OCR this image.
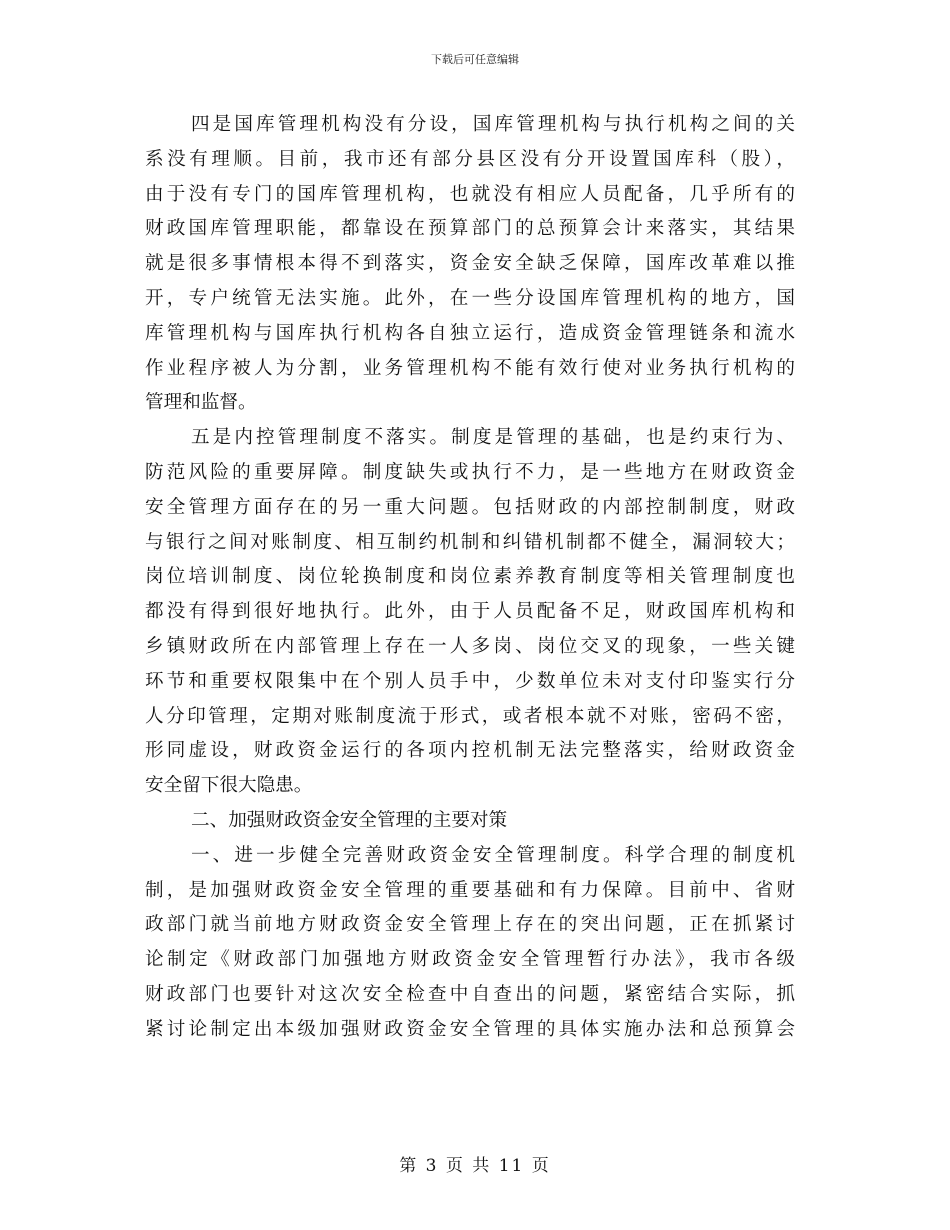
下载后可任意编辑
四是国库管理机构没有分设，国库管理机构与执行机构之间的关
系没有理顺。目前，我市还有部分县区没有分开设置国库科（股），
由于没有专门的国库管理机构，也就没有相应人员配备，几乎所有的
财政国库管理职能，都靠设在预算部门的总预算会计来落实，其结果
就是很多事情根本得不到落实，资金安全缺乏保障，国库改革难以推
开，专户统管无法实施。此外，在一些分设国库管理机构的地方，国
库管理机构与国库执行机构各自独立运行，造成资金管理链条和流水
作业程序被人为分割，业务管理机构不能有效行使对业务执行机构的
管理和监督。
五是内控管理制度不落实。制度是管理的基础，也是约束行为、
防范风险的重要屏障。制度缺失或执行不力，是一些地方在财政资金
安全管理方面存在的另一重大问题。包括财政的内部控制制度，财政
与银行之间对账制度、相互制约机制和纠错机制都不健全，漏洞较大；
岗位培训制度、岗位轮换制度和岗位素养教育制度等相关管理制度也
都没有得到很好地执行。此外，由于人员配备不足，财政国库机构和
乡镇财政所在内部管理上存在一人多岗、岗位交叉的现象，一些关键
环节和重要权限集中在个别人员手中，少数单位未对支付印鉴实行分
人分印管理，定期对账制度流于形式，或者根本就不对账，密码不密，
形同虚设，财政资金运行的各项内控机制无法完整落实，给财政资金
安全留下很大隐患。
二、加强财政资金安全管理的主要对策
一、进一步健全完善财政资金安全管理制度。科学合理的制度机
制，是加强财政资金安全管理的重要基础和有力保障。目前中、省财
政部门就当前地方财政资金安全管理上存在的突出问题，正在抓紧讨
论制定《财政部门加强地方财政资金安全管理暂行办法》，我市各级
财政部门也要针对这次安全检查中自查出的问题，紧密结合实际，抓
紧讨论制定出本级加强财政资金安全管理的具体实施办法和总预算会
第 3 页 共 11 页
